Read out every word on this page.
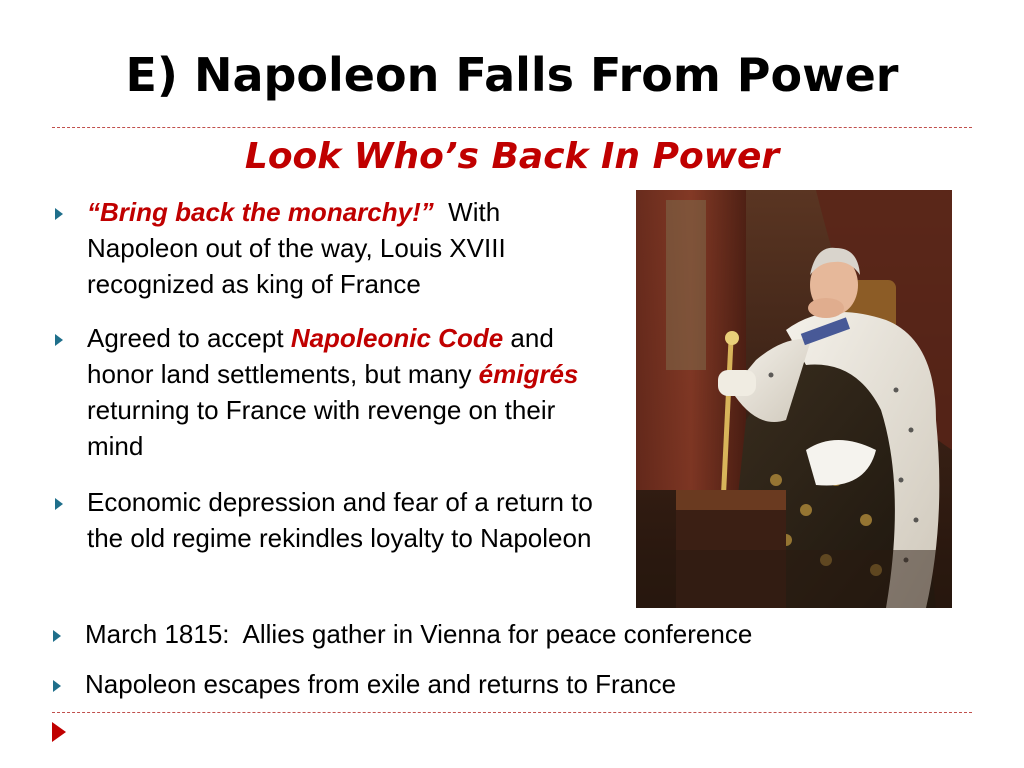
E) Napoleon Falls From Power
Look Who’s Back In Power
“Bring back the monarchy!”  With Napoleon out of the way, Louis XVIII recognized as king of France
Agreed to accept Napoleonic Code and honor land settlements, but many émigrés returning to France with revenge on their mind
Economic depression and fear of a return to the old regime rekindles loyalty to Napoleon
March 1815:  Allies gather in Vienna for peace conference
Napoleon escapes from exile and returns to France
